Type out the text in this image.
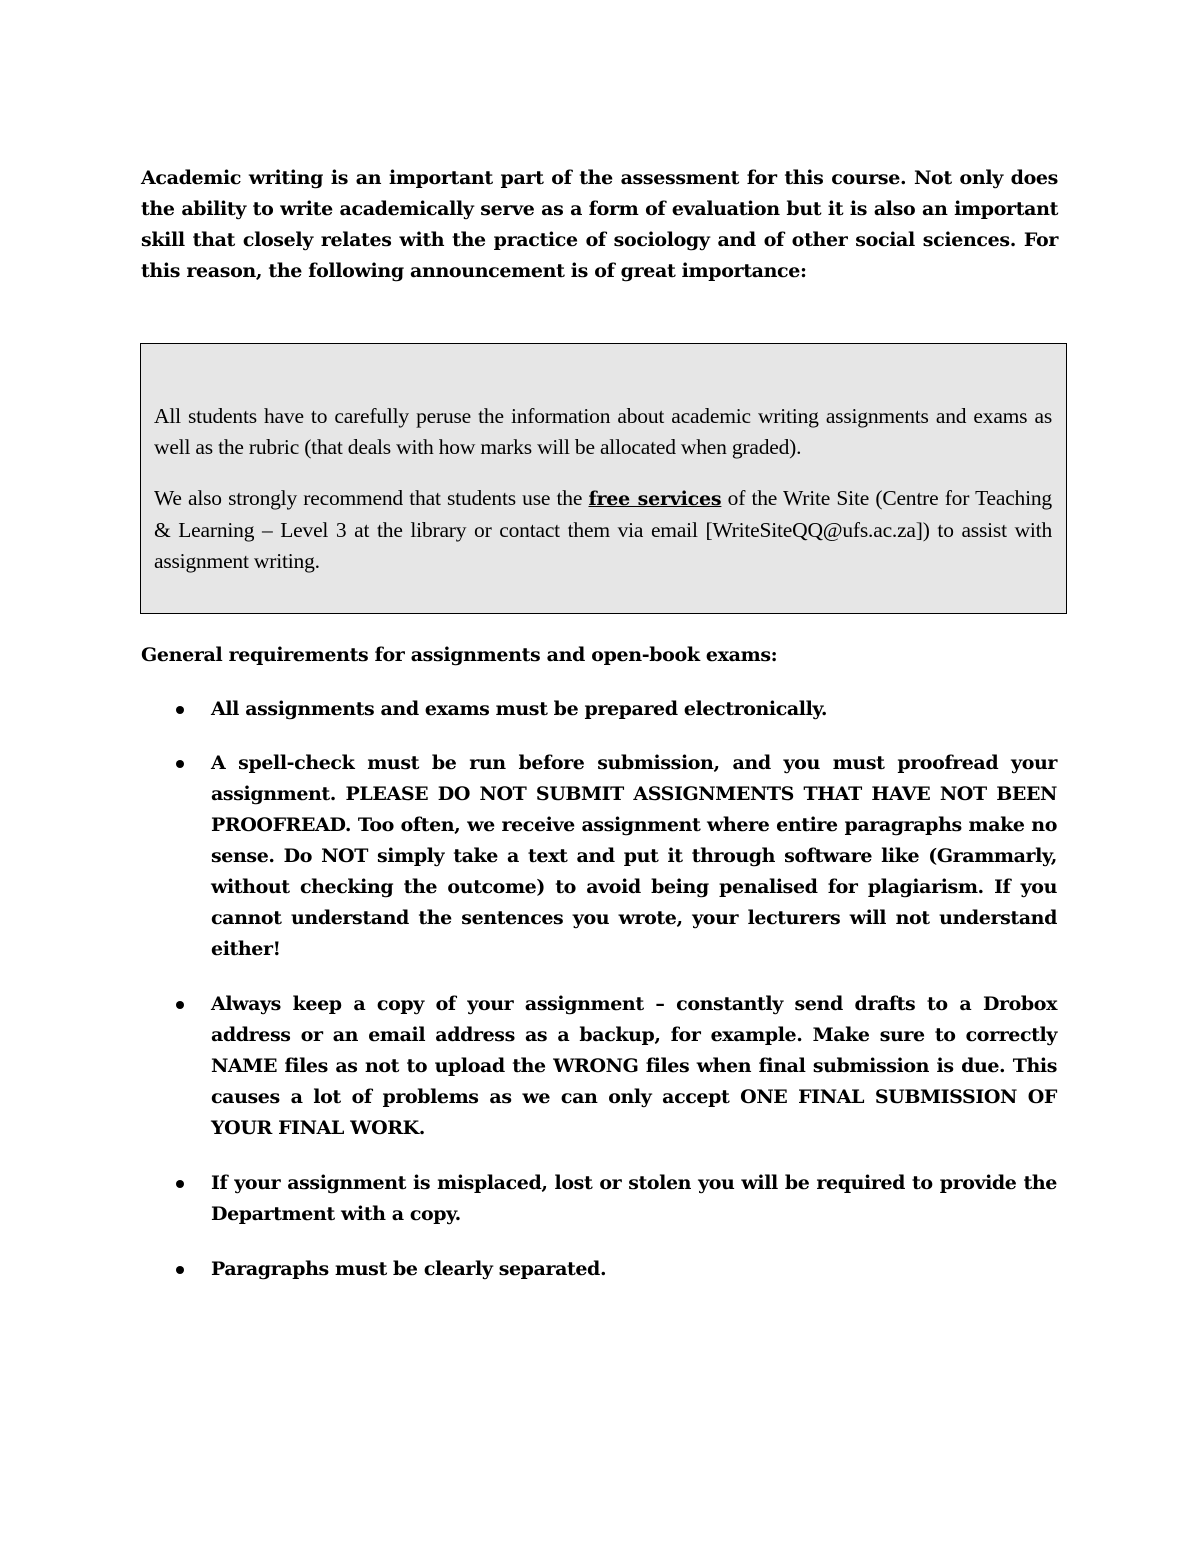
Academic writing is an important part of the assessment for this course. Not only does the ability to write academically serve as a form of evaluation but it is also an important skill that closely relates with the practice of sociology and of other social sciences. For this reason, the following announcement is of great importance:

All students have to carefully peruse the information about academic writing assignments and exams as well as the rubric (that deals with how marks will be allocated when graded).

We also strongly recommend that students use the free services of the Write Site (Centre for Teaching & Learning – Level 3 at the library or contact them via email [WriteSiteQQ@ufs.ac.za]) to assist with assignment writing.

General requirements for assignments and open-book exams:

All assignments and exams must be prepared electronically.
A spell-check must be run before submission, and you must proofread your assignment. PLEASE DO NOT SUBMIT ASSIGNMENTS THAT HAVE NOT BEEN PROOFREAD. Too often, we receive assignment where entire paragraphs make no sense. Do NOT simply take a text and put it through software like (Grammarly, without checking the outcome) to avoid being penalised for plagiarism. If you cannot understand the sentences you wrote, your lecturers will not understand either!
Always keep a copy of your assignment – constantly send drafts to a Drobox address or an email address as a backup, for example. Make sure to correctly NAME files as not to upload the WRONG files when final submission is due. This causes a lot of problems as we can only accept ONE FINAL SUBMISSION OF YOUR FINAL WORK.
If your assignment is misplaced, lost or stolen you will be required to provide the Department with a copy.
Paragraphs must be clearly separated.
